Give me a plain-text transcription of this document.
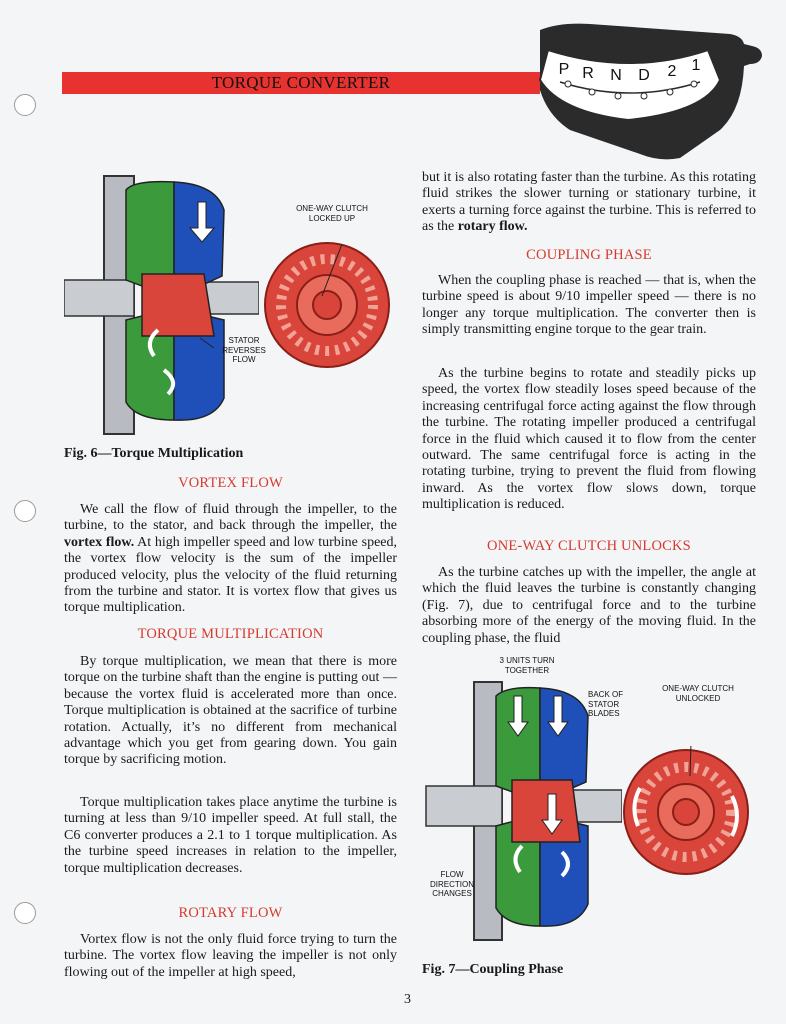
TORQUE CONVERTER
P R N D 2 1
ONE-WAY CLUTCH
LOCKED UP
STATOR
REVERSES
FLOW
Fig. 6—Torque Multiplication
VORTEX FLOW

We call the flow of fluid through the impeller, to the turbine, to the stator, and back through the impeller, the vortex flow. At high impeller speed and low turbine speed, the vortex flow velocity is the sum of the impeller produced velocity, plus the velocity of the fluid returning from the turbine and stator. It is vortex flow that gives us torque multiplication.

TORQUE MULTIPLICATION

By torque multiplication, we mean that there is more torque on the turbine shaft than the engine is putting out — because the vortex fluid is accelerated more than once. Torque multiplication is obtained at the sacrifice of turbine rotation. Actually, it’s no different from mechanical advantage which you get from gearing down. You gain torque by sacrificing motion.

Torque multiplication takes place anytime the turbine is turning at less than 9/10 impeller speed. At full stall, the C6 converter produces a 2.1 to 1 torque multiplication. As the turbine speed increases in relation to the impeller, torque multiplication decreases.

ROTARY FLOW

Vortex flow is not the only fluid force trying to turn the turbine. The vortex flow leaving the impeller is not only flowing out of the impeller at high speed,

but it is also rotating faster than the turbine. As this rotating fluid strikes the slower turning or stationary turbine, it exerts a turning force against the turbine. This is referred to as the rotary flow.

COUPLING PHASE

When the coupling phase is reached — that is, when the turbine speed is about 9/10 impeller speed — there is no longer any torque multiplication. The converter then is simply transmitting engine torque to the gear train.

As the turbine begins to rotate and steadily picks up speed, the vortex flow steadily loses speed because of the increasing centrifugal force acting against the flow through the turbine. The rotating impeller produced a centrifugal force in the fluid which caused it to flow from the center outward. The same centrifugal force is acting in the rotating turbine, trying to prevent the fluid from flowing inward. As the vortex flow slows down, torque multiplication is reduced.

ONE-WAY CLUTCH UNLOCKS

As the turbine catches up with the impeller, the angle at which the fluid leaves the turbine is constantly changing (Fig. 7), due to centrifugal force and to the turbine absorbing more of the energy of the moving fluid. In the coupling phase, the fluid

3 UNITS TURN
TOGETHER
BACK OF
STATOR
BLADES
ONE-WAY CLUTCH
UNLOCKED
FLOW
DIRECTION
CHANGES
Fig. 7—Coupling Phase
3
